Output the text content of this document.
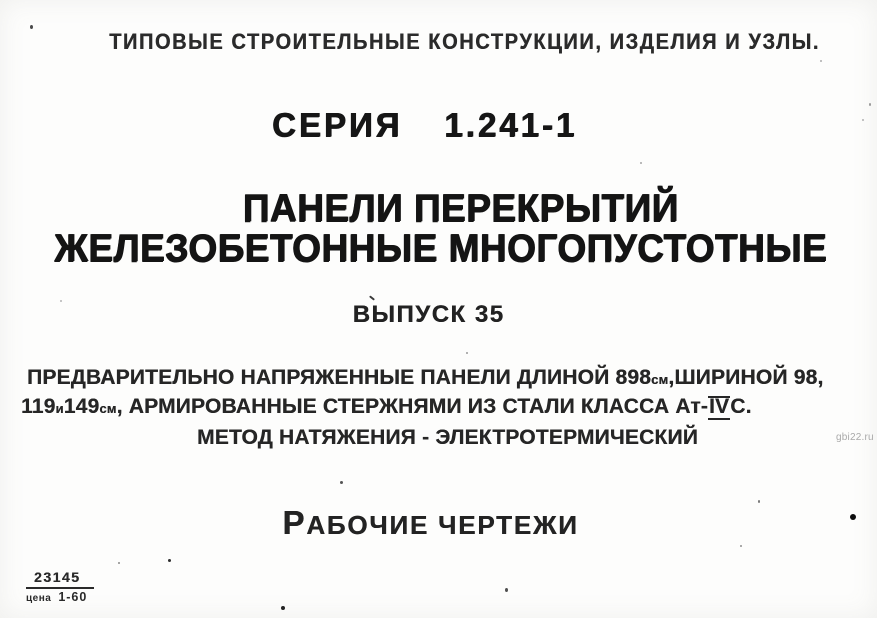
ТИПОВЫЕ СТРОИТЕЛЬНЫЕ КОНСТРУКЦИИ, ИЗДЕЛИЯ И УЗЛЫ.
СЕРИЯ 1.241-1
ПАНЕЛИ ПЕРЕКРЫТИЙ
ЖЕЛЕЗОБЕТОННЫЕ МНОГОПУСТОТНЫЕ
ВЫПУСК 35
ПРЕДВАРИТЕЛЬНО НАПРЯЖЕННЫЕ ПАНЕЛИ ДЛИНОЙ 898см,ШИРИНОЙ 98,
119и149см, АРМИРОВАННЫЕ СТЕРЖНЯМИ ИЗ СТАЛИ КЛАССА Ат-IVС.
МЕТОД НАТЯЖЕНИЯ - ЭЛЕКТРОТЕРМИЧЕСКИЙ	gbi22.ru
РАБОЧИЕ ЧЕРТЕЖИ
23145
цена 1-60
